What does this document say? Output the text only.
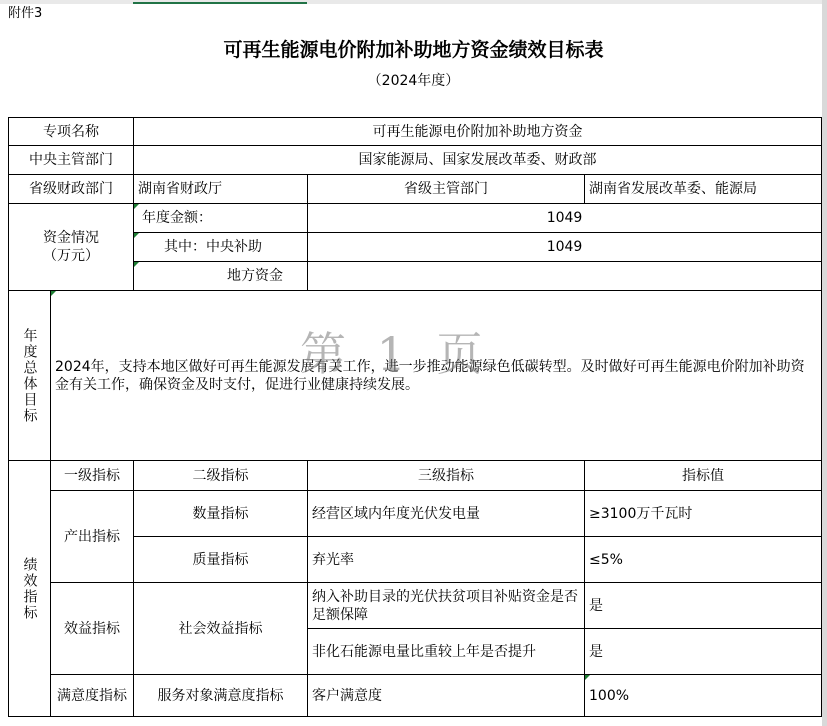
附件3
可再生能源电价附加补助地方资金绩效目标表
（2024年度）
专项名称		可再生能源电价附加补助地方资金		
中央主管部门		国家能源局、国家发展改革委、财政部		
省级财政部门		湖南省财政厅	省级主管部门	湖南省发展改革委、能源局
资金情况
（万元）		年度金额：	1049	
		其中：中央补助	1049	
		地方资金		

年度总体目标	2024年，支持本地区做好可再生能源发展有关工作，进一步推动能源绿色低碳转型。及时做好可再生能源电价附加补助资金有关工作，确保资金及时支付，促进行业健康持续发展。			

绩效指标	一级指标	二级指标	三级指标	指标值
	产出指标	数量指标	经营区域内年度光伏发电量	≥3100万千瓦时
		质量指标	弃光率	≤5%
	效益指标	社会效益指标	纳入补助目录的光伏扶贫项目补贴资金是否足额保障	是
			非化石能源电量比重较上年是否提升	是
	满意度指标	服务对象满意度指标	客户满意度	100%
第 1 页
